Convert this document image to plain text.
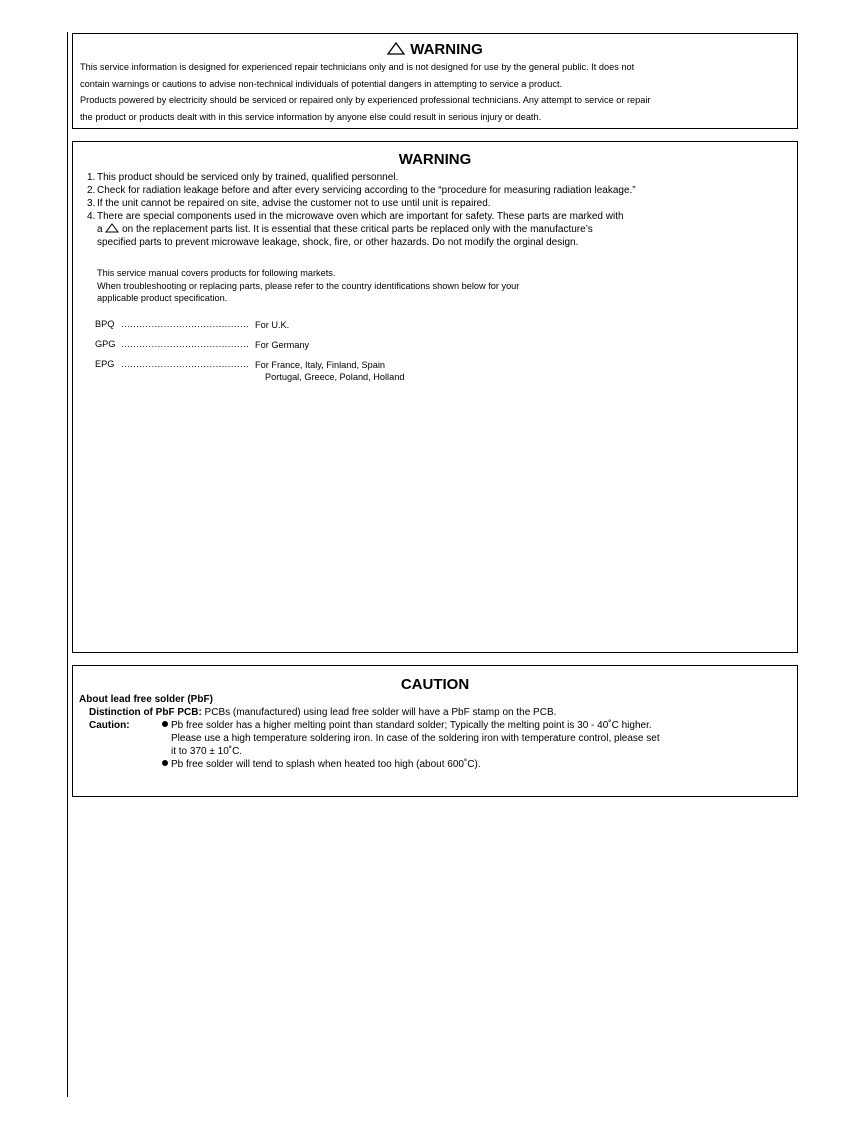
WARNING
This service information is designed for experienced repair technicians only and is not designed for use by the general public. It does not
contain warnings or cautions to advise non-technical individuals of potential dangers in attempting to service a product.
Products powered by electricity should be serviced or repaired only by experienced professional technicians. Any attempt to service or repair
the product or products dealt with in this service information by anyone else could result in serious injury or death.
WARNING
1. This product should be serviced only by trained, qualified personnel.
2. Check for radiation leakage before and after every servicing according to the “procedure for measuring radiation leakage.”
3. If the unit cannot be repaired on site, advise the customer not to use until unit is repaired.
4. There are special components used in the microwave oven which are important for safety. These parts are marked with
a  on the replacement parts list. It is essential that these critical parts be replaced only with the manufacture’s
specified parts to prevent microwave leakage, shock, fire, or other hazards. Do not modify the orginal design.
This service manual covers products for following markets.
When troubleshooting or replacing parts, please refer to the country identifications shown below for your
applicable product specification.
BPQ .......................................... For U.K.
GPG .......................................... For Germany
EPG .......................................... For France, Italy, Finland, Spain
Portugal, Greece, Poland, Holland
CAUTION
About lead free solder (PbF)
Distinction of PbF PCB: PCBs (manufactured) using lead free solder will have a PbF stamp on the PCB.
Caution:	Pb free solder has a higher melting point than standard solder; Typically the melting point is 30 - 40˚C higher.
Please use a high temperature soldering iron. In case of the soldering iron with temperature control, please set
it to 370 ± 10˚C.
Pb free solder will tend to splash when heated too high (about 600˚C).
